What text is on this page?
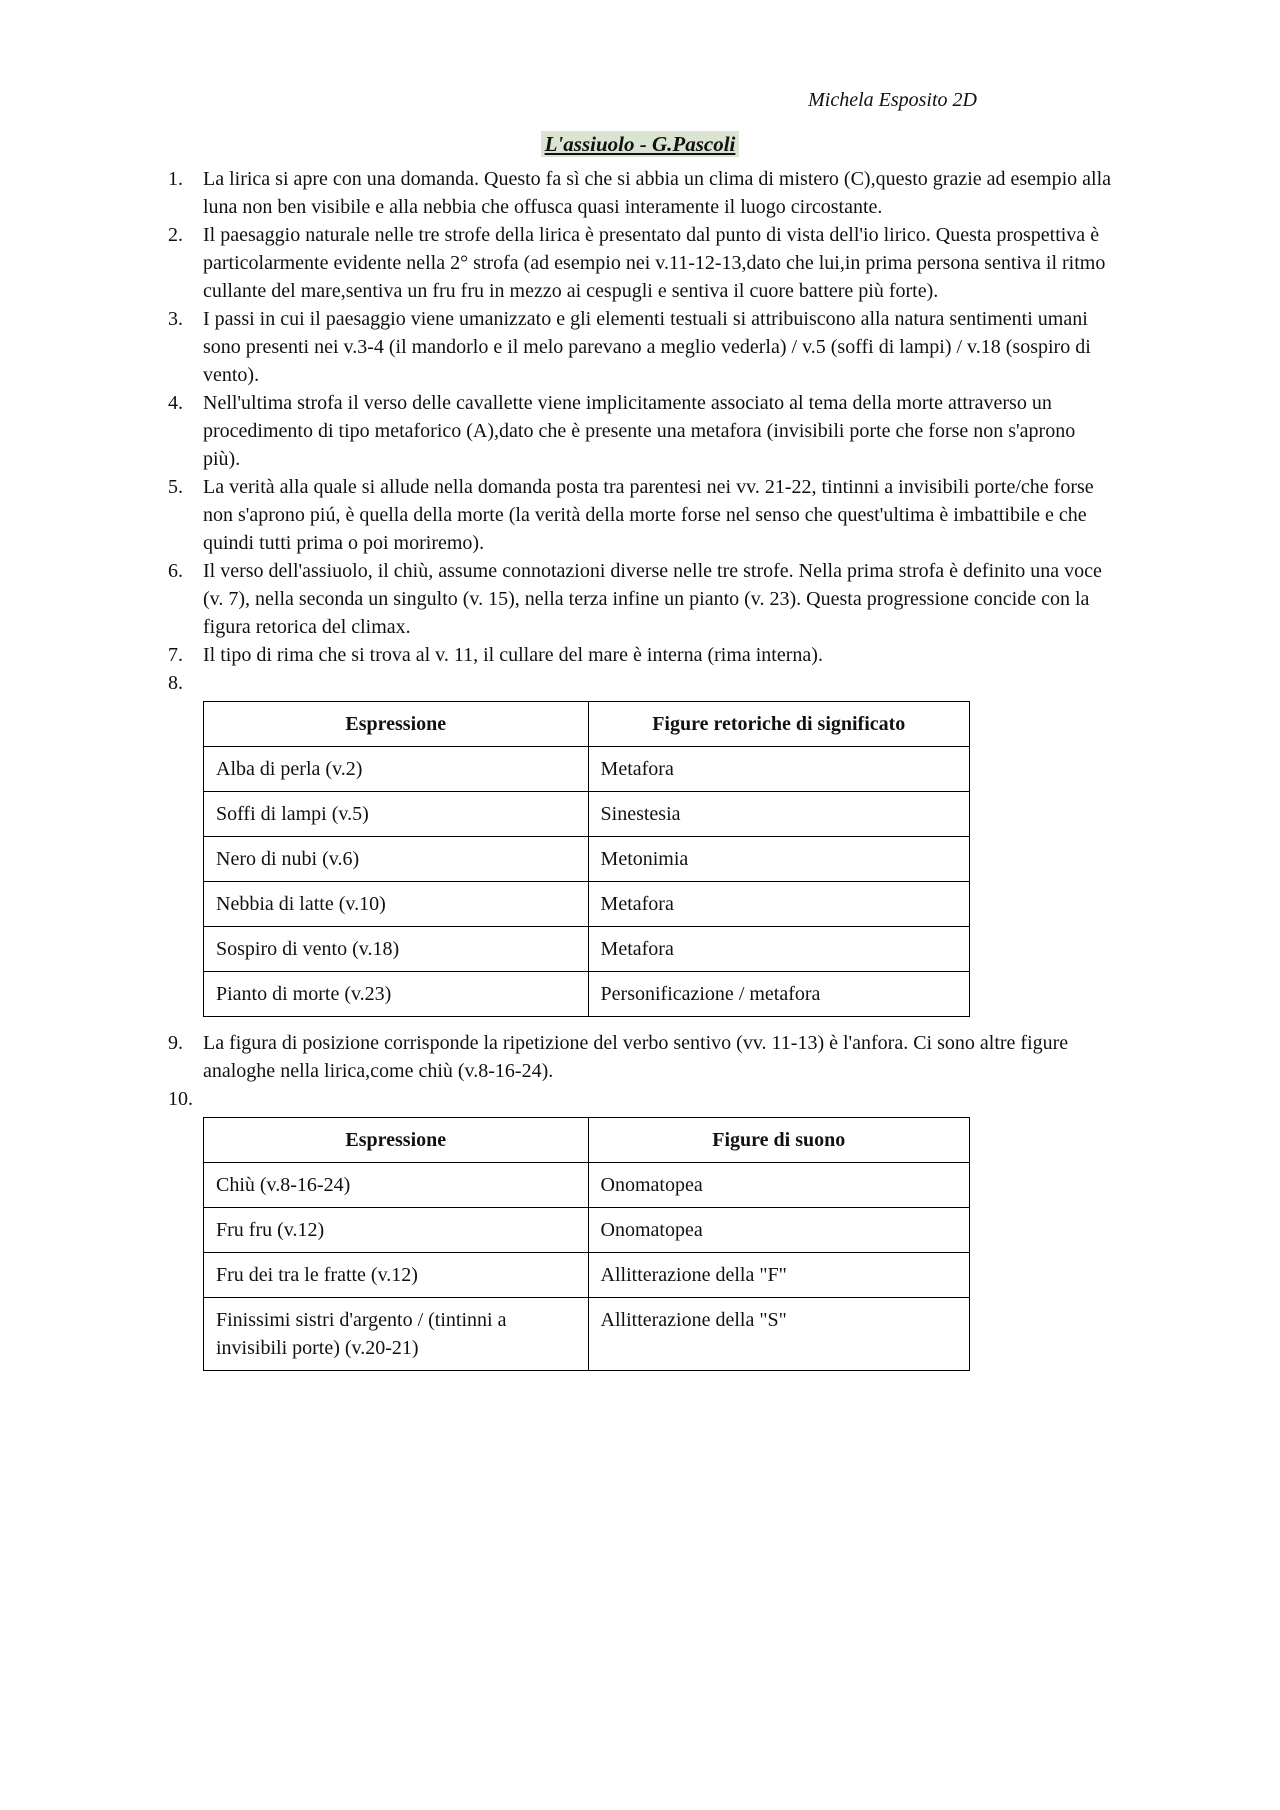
Michela Esposito 2D
L'assiuolo - G.Pascoli
1.	La lirica si apre con una domanda. Questo fa sì che si abbia un clima di mistero (C),questo grazie ad esempio alla luna non ben visibile e alla nebbia che offusca quasi interamente il luogo circostante.
2.	Il paesaggio naturale nelle tre strofe della lirica è presentato dal punto di vista dell'io lirico. Questa prospettiva è particolarmente evidente nella 2° strofa (ad esempio nei v.11-12-13,dato che lui,in prima persona sentiva il ritmo cullante del mare,sentiva un fru fru in mezzo ai cespugli e sentiva il cuore battere più forte).
3.	I passi in cui il paesaggio viene umanizzato e gli elementi testuali si attribuiscono alla natura sentimenti umani sono presenti nei v.3-4 (il mandorlo e il melo parevano a meglio vederla) / v.5 (soffi di lampi) / v.18 (sospiro di vento).
4.	Nell'ultima strofa il verso delle cavallette viene implicitamente associato al tema della morte attraverso un procedimento di tipo metaforico (A),dato che è presente una metafora (invisibili porte che forse non s'aprono più).
5.	La verità alla quale si allude nella domanda posta tra parentesi nei vv. 21-22, tintinni a invisibili porte/che forse non s'aprono piú, è quella della morte (la verità della morte forse nel senso che quest'ultima è imbattibile e che quindi tutti prima o poi moriremo).
6.	Il verso dell'assiuolo, il chiù, assume connotazioni diverse nelle tre strofe. Nella prima strofa è definito una voce (v. 7), nella seconda un singulto (v. 15), nella terza infine un pianto (v. 23). Questa progressione concide con la figura retorica del climax.
7.	Il tipo di rima che si trova al v. 11, il cullare del mare è interna (rima interna).
8.
Espressione	Figure retoriche di significato
Alba di perla (v.2)	Metafora
Soffi di lampi (v.5)	Sinestesia
Nero di nubi (v.6)	Metonimia
Nebbia di latte (v.10)	Metafora
Sospiro di vento (v.18)	Metafora
Pianto di morte (v.23)	Personificazione / metafora
9.	La figura di posizione corrisponde la ripetizione del verbo sentivo (vv. 11-13) è l'anfora. Ci sono altre figure analoghe nella lirica,come chiù (v.8-16-24).
10.
Espressione	Figure di suono
Chiù (v.8-16-24)	Onomatopea
Fru fru (v.12)	Onomatopea
Fru dei tra le fratte (v.12)	Allitterazione della "F"
Finissimi sistri d'argento / (tintinni a invisibili porte) (v.20-21)	Allitterazione della "S"
